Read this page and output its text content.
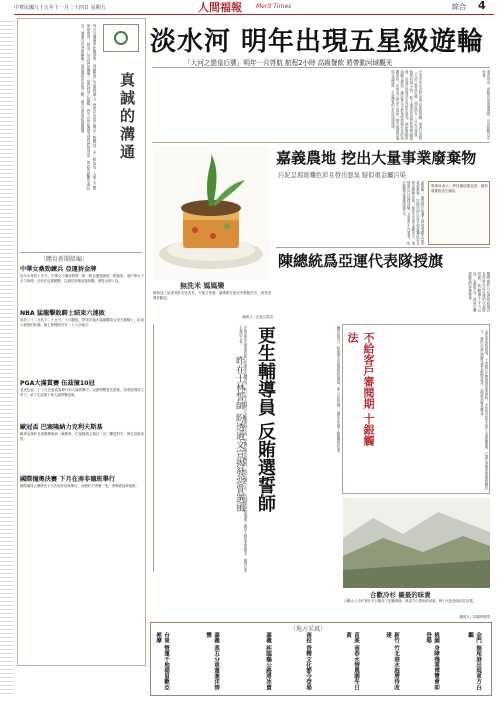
中華民國九十五年十一月二十四日 星期五	人間福報 Merit Times	綜合 4
每天以溝通來化解誤會，用誠懇的心去面對他人，學習在言語之間多一點體諒，多一點包容。人與人之間最珍貴的，就是一份真誠的關懷。當我們用心傾聽，對方自然能感受到我們的善意，彼此的距離也會拉近。溝通不是爭辯輸贏，而是讓彼此更加了解，讓生活更加和諧圓滿。	真誠的溝通
〔體育新聞組編〕
中華女桑勁練兵 亞運拚金牌
延年未來的十多天，中華女子壘球隊將一路一路自遭遇困境一路後來，預中華女子全力拚搏，目前在亞運備戰，以最佳狀態迎接挑戰，期待金牌入袋。
NBA 猛龍擊敗騎士結束六連敗
波許二十二日砍下二十五分、十四籃板，帶領多倫多猛龍擊敗克里夫蘭騎士，結束六連敗的低潮。騎士詹姆斯仍有二十六分演出。
PGA大滿貫賽 伍茲撞10冠
老虎伍茲二十二日在夏威夷舉行的大滿貫賽中，以總桿數領先群雄，再度展現球王實力，拿下生涯第十座大滿貫賽冠軍。
歐冠盃 巴塞隆納力克利夫斯基
歐洲冠軍杯足球聯賽最新一輪賽事，巴塞隆納主場以二比〇擊退對手，保住晉級希望。
國際撞奧決賽 下月在南非德班舉行
國際撞球大賽將於下月在南非德班舉行，各國好手齊聚一堂，爭奪總冠軍頭銜。
淡水河 明年出現五星級遊輪
「大河之戀皇后號」明年一月啓航 航程2小時 高級餐飲 將帶動河域觀光
台北市淡水河將出現五星級遊輪，業者打造的「大河之戀皇后號」預計明年一月正式啓航，航程約兩小時，船上提供高級餐飲與精緻服務，沿途可欣賞淡水河兩岸風光，期盼帶動河域觀光發展，讓民眾以全新角度認識台北的美麗景致。市府表示將全力協助，整合碼頭設施與交通接駁，打造優質的水岸休閒環境。	業者指出，遊輪內部裝潢典雅，可容納數百名旅客。
無洗米 媽媽樂
穀物加工品業者推出免洗米，方便又營養，讓媽媽在廚房中輕鬆許多，深受消費者歡迎。
圖與文／記者呂震洪
嘉義農地 挖出大量事業廢棄物
污泥呈現斑斕色彩且發出惡臭 疑似重金屬污染
嘉義縣一處農地日前遭人發現埋藏大量事業廢棄物，挖掘出的污泥呈現斑斕色彩且發出陣陣惡臭，疑似含有重金屬成分，環保單位已採樣送驗，並追查不肖業者，依法嚴懲以維護環境安全。	環保局表示，將持續加強巡查，嚴防廢棄物非法傾倒。
陳總統爲亞運代表隊授旗
陳總統昨日在總統府親自為即將出征亞運的代表隊授旗，勉勵選手全力以赴，為國爭光，展現台灣運動員的拚搏精神。
法務部更生保護會結合各地更生輔導員，昨日在士林舉行反賄選誓師大會，呼籲民眾拒絕買票，勇於檢舉不法，共同維護乾淨選風，讓民主制度更加健全，展現社會正義的力量。 更生輔導員 反賄選誓師
昨在士林誓師 盼透過文宣揭發惡質選風	輔導員表示，將透過文宣揭發惡質選風，深入社區宣導，讓更多民眾了解賄選的危害。	不給客戶審閱期 十銀觸法	金管會查核發現，十家銀行在辦理貸款業務時，未依規定給予客戶合理審閱期，已違反消費者保護相關法令，將依法處以罰鍰並要求限期改善，以保障消費者權益。
合歡冷杉 襯最的昧貴
合歡山上冷杉林在冬日陽光下更顯翠綠，與遠方山景相映成趣，吸引大批遊客前往欣賞。
圖與文／黃鳳華報導
〔地方采風〕
金門 無尾港出現東方白鸛
桃園 身障殘業博覽會即登場
新竹 竹北港水庭增待改建
苗栗 南恭水情農園冬日黃
南投 香精文化節今登場
嘉義 疾臨鷄公路將冰賣
嘉義 蒸五分車運兼洋情懷
台東 營運千地揚眉歡亞裡摩
